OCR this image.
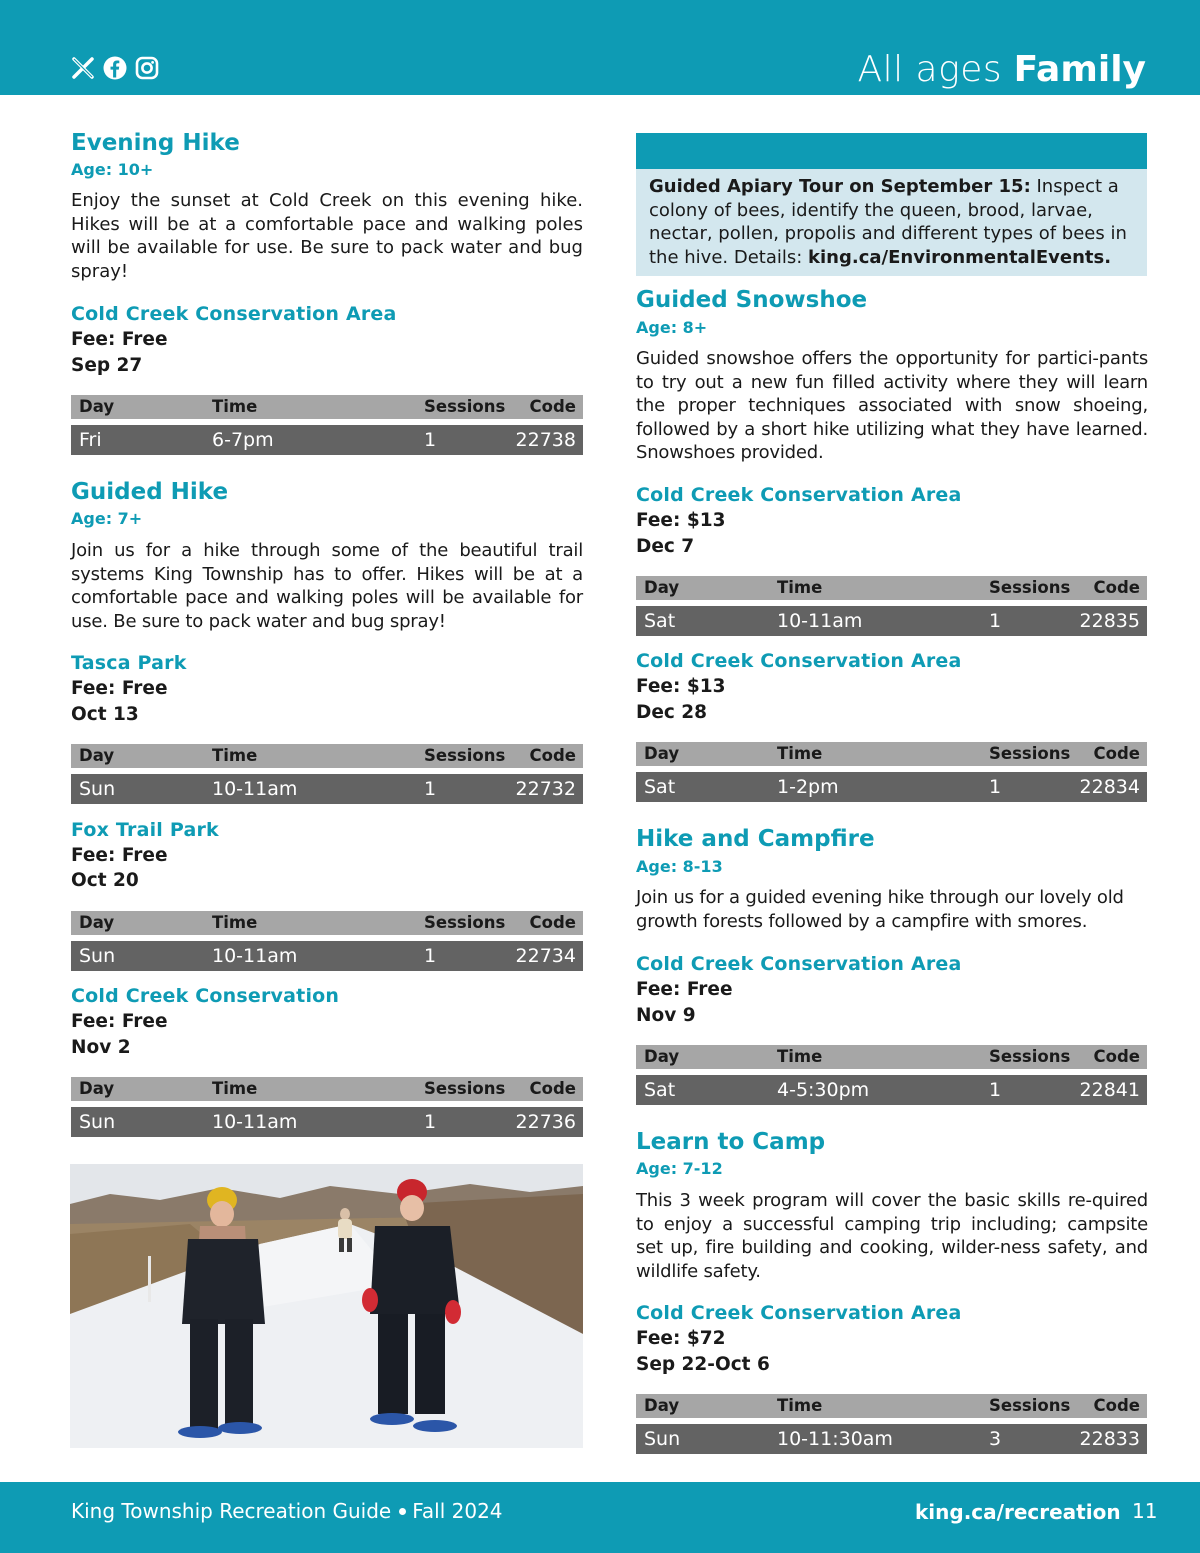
All ages Family
Evening Hike
Age: 10+
Enjoy the sunset at Cold Creek on this evening hike. Hikes will be at a comfortable pace and walking poles will be available for use. Be sure to pack water and bug spray!
Cold Creek Conservation Area
Fee: Free
Sep 27
Day	Time	Sessions Code
Fri	6-7pm	1	22738
Guided Hike
Age: 7+
Join us for a hike through some of the beautiful trail systems King Township has to offer. Hikes will be at a comfortable pace and walking poles will be available for use. Be sure to pack water and bug spray!
Tasca Park
Fee: Free
Oct 13
Day	Time	Sessions Code
Sun	10-11am	1	22732
Fox Trail Park
Fee: Free
Oct 20
Day	Time	Sessions Code
Sun	10-11am	1	22734
Cold Creek Conservation
Fee: Free
Nov 2
Day	Time	Sessions Code
Sun	10-11am	1	22736
Guided Apiary Tour on September 15: Inspect a colony of bees, identify the queen, brood, larvae, nectar, pollen, propolis and different types of bees in the hive. Details: king.ca/EnvironmentalEvents.
Guided Snowshoe
Age: 8+
Guided snowshoe offers the opportunity for partici-pants to try out a new fun filled activity where they will learn the proper techniques associated with snow shoeing, followed by a short hike utilizing what they have learned. Snowshoes provided.
Cold Creek Conservation Area
Fee: $13
Dec 7
Day	Time	Sessions Code
Sat	10-11am	1	22835
Cold Creek Conservation Area
Fee: $13
Dec 28
Day	Time	Sessions Code
Sat	1-2pm	1	22834
Hike and Campfire
Age: 8-13
Join us for a guided evening hike through our lovely old growth forests followed by a campfire with smores.
Cold Creek Conservation Area
Fee: Free
Nov 9
Day	Time	Sessions Code
Sat	4-5:30pm	1	22841
Learn to Camp
Age: 7-12
This 3 week program will cover the basic skills re-quired to enjoy a successful camping trip including; campsite set up, fire building and cooking, wilder-ness safety, and wildlife safety.
Cold Creek Conservation Area
Fee: $72
Sep 22-Oct 6
Day	Time	Sessions Code
Sun	10-11:30am	3	22833
King Township Recreation Guide Fall 2024	king.ca/recreation 11
